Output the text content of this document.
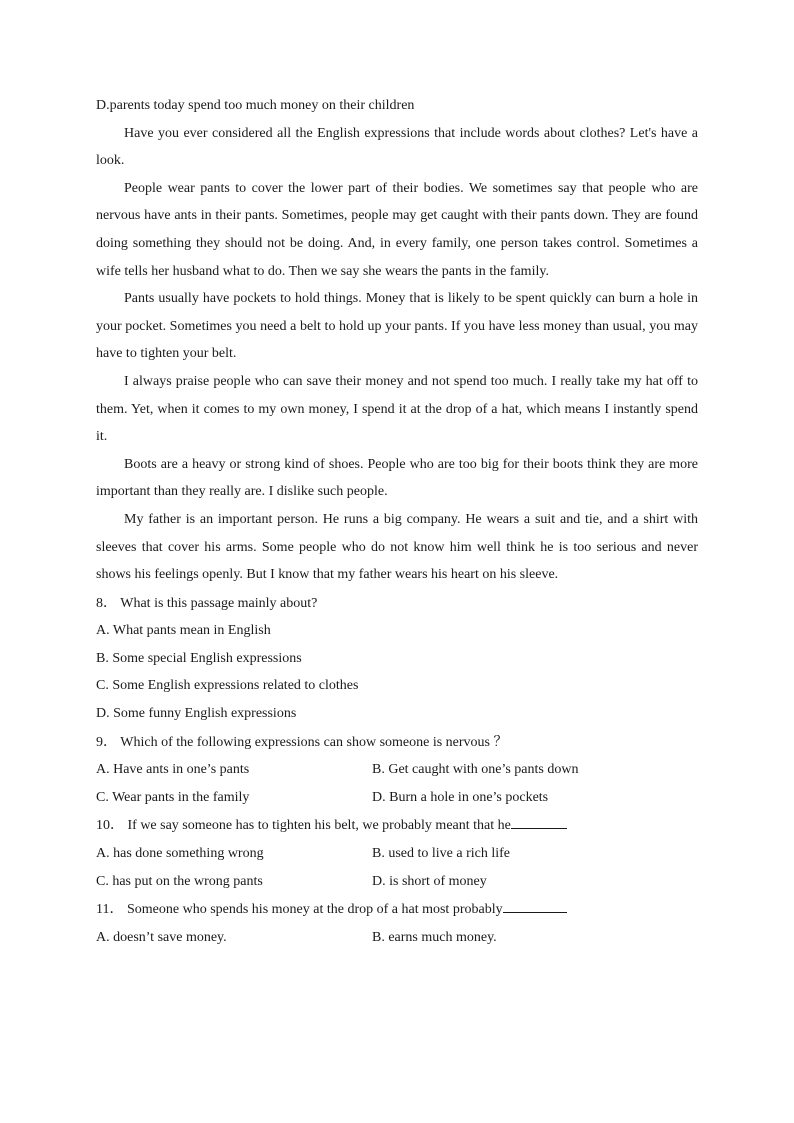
D.parents today spend too much money on their children

Have you ever considered all the English expressions that include words about clothes? Let's have a look.

People wear pants to cover the lower part of their bodies. We sometimes say that people who are nervous have ants in their pants. Sometimes, people may get caught with their pants down. They are found doing something they should not be doing. And, in every family, one person takes control. Sometimes a wife tells her husband what to do. Then we say she wears the pants in the family.

Pants usually have pockets to hold things. Money that is likely to be spent quickly can burn a hole in your pocket. Sometimes you need a belt to hold up your pants. If you have less money than usual, you may have to tighten your belt.

I always praise people who can save their money and not spend too much. I really take my hat off to them. Yet, when it comes to my own money, I spend it at the drop of a hat, which means I instantly spend it.

Boots are a heavy or strong kind of shoes. People who are too big for their boots think they are more important than they really are. I dislike such people.

My father is an important person. He runs a big company. He wears a suit and tie, and a shirt with sleeves that cover his arms. Some people who do not know him well think he is too serious and never shows his feelings openly. But I know that my father wears his heart on his sleeve.

8． What is this passage mainly about?

A. What pants mean in English

B. Some special English expressions

C. Some English expressions related to clothes

D. Some funny English expressions

9． Which of the following expressions can show someone is nervous ？

A. Have ants in one’s pants	B. Get caught with one’s pants down
C. Wear pants in the family	D. Burn a hole in one’s pockets

10． If we say someone has to tighten his belt, we probably meant that he

A. has done something wrong	B. used to live a rich life
C. has put on the wrong pants	D. is short of money

11． Someone who spends his money at the drop of a hat most probably

A. doesn’t save money.	B. earns much money.
